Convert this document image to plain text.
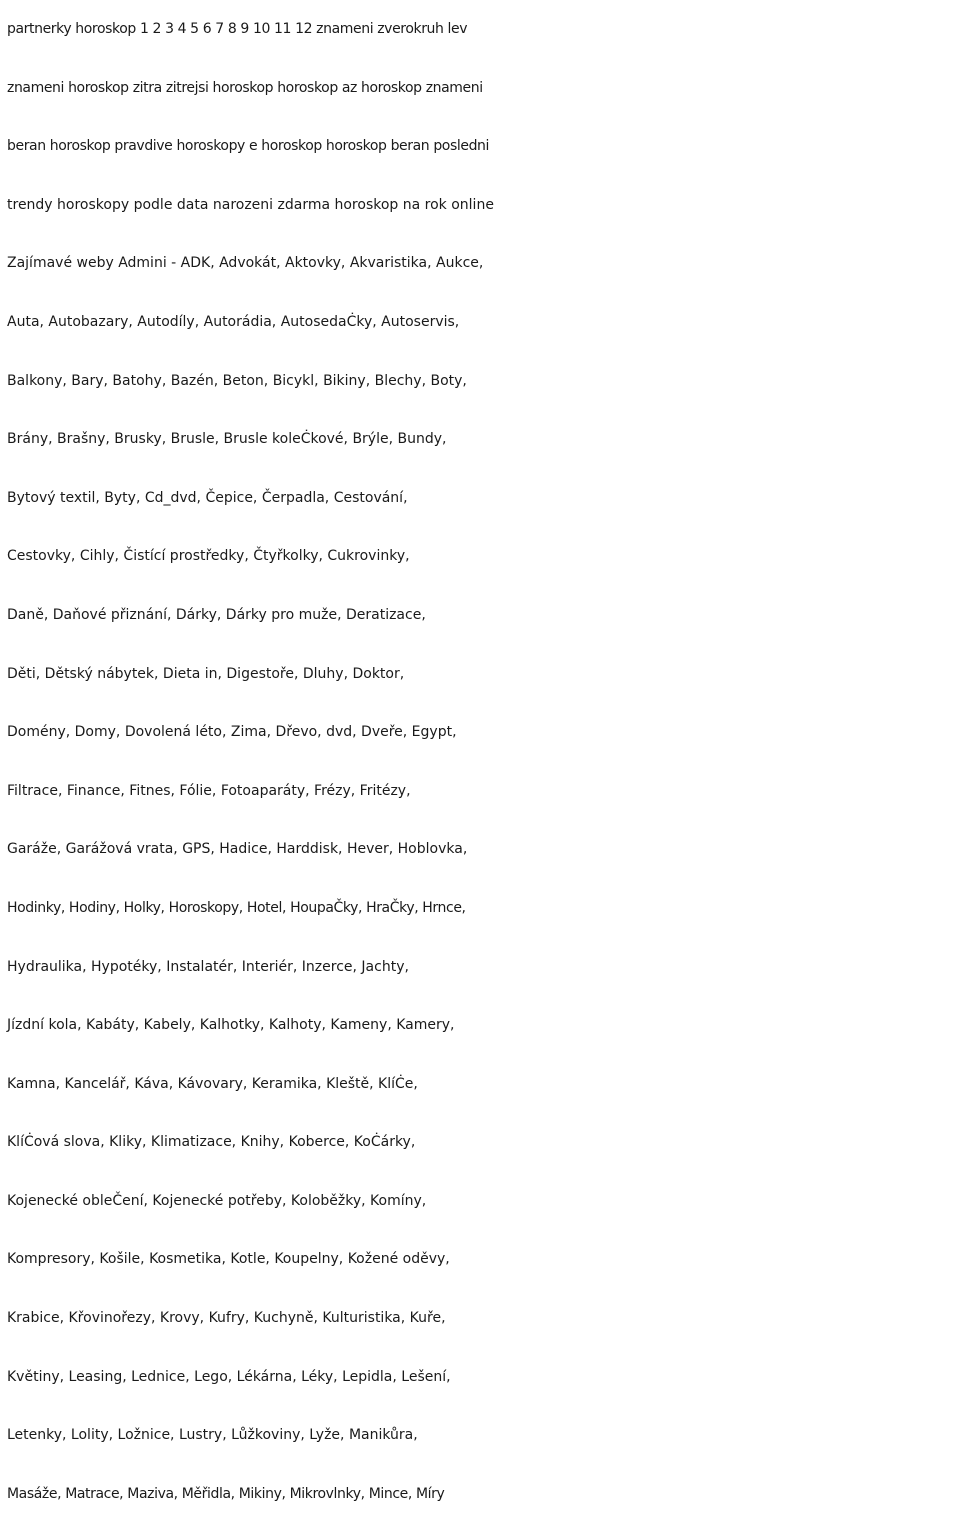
partnerky horoskop 1 2 3 4 5 6 7 8 9 10 11 12 znameni zverokruh lev
znameni horoskop zitra zitrejsi horoskop horoskop az horoskop znameni
beran horoskop pravdive horoskopy e horoskop horoskop beran posledni
trendy horoskopy podle data narozeni zdarma horoskop na rok online
Zajímavé weby Admini - ADK, Advokát, Aktovky, Akvaristika, Aukce,
Auta, Autobazary, Autodíly, Autorádia, AutosedaĊky, Autoservis,
Balkony, Bary, Batohy, Bazén, Beton, Bicykl, Bikiny, Blechy, Boty,
Brány, Brašny, Brusky, Brusle, Brusle koleĊkové, Brýle, Bundy,
Bytový textil, Byty, Cd_dvd, Čepice, Čerpadla, Cestování,
Cestovky, Cihly, Čistící prostředky, Čtyřkolky, Cukrovinky,
Daně, Daňové přiznání, Dárky, Dárky pro muže, Deratizace,
Děti, Dětský nábytek, Dieta in, Digestoře, Dluhy, Doktor,
Domény, Domy, Dovolená léto, Zima, Dřevo, dvd, Dveře, Egypt,
Filtrace, Finance, Fitnes, Fólie, Fotoaparáty, Frézy, Fritézy,
Garáže, Garážová vrata, GPS, Hadice, Harddisk, Hever, Hoblovka,
Hodinky, Hodiny, Holky, Horoskopy, Hotel, HoupaČky, HraČky, Hrnce,
Hydraulika, Hypotéky, Instalatér, Interiér, Inzerce, Jachty,
Jízdní kola, Kabáty, Kabely, Kalhotky, Kalhoty, Kameny, Kamery,
Kamna, Kancelář, Káva, Kávovary, Keramika, Kleště, KlíĊe,
KlíĊová slova, Kliky, Klimatizace, Knihy, Koberce, KoĊárky,
Kojenecké obleČení, Kojenecké potřeby, Koloběžky, Komíny,
Kompresory, Košile, Kosmetika, Kotle, Koupelny, Kožené oděvy,
Krabice, Křovinořezy, Krovy, Kufry, Kuchyně, Kulturistika, Kuře,
Květiny, Leasing, Lednice, Lego, Lékárna, Léky, Lepidla, Lešení,
Letenky, Lolity, Ložnice, Lustry, Lůžkoviny, Lyže, Manikůra,
Masáže, Matrace, Maziva, Měřidla, Mikiny, Mikrovlnky, Mince, Míry
